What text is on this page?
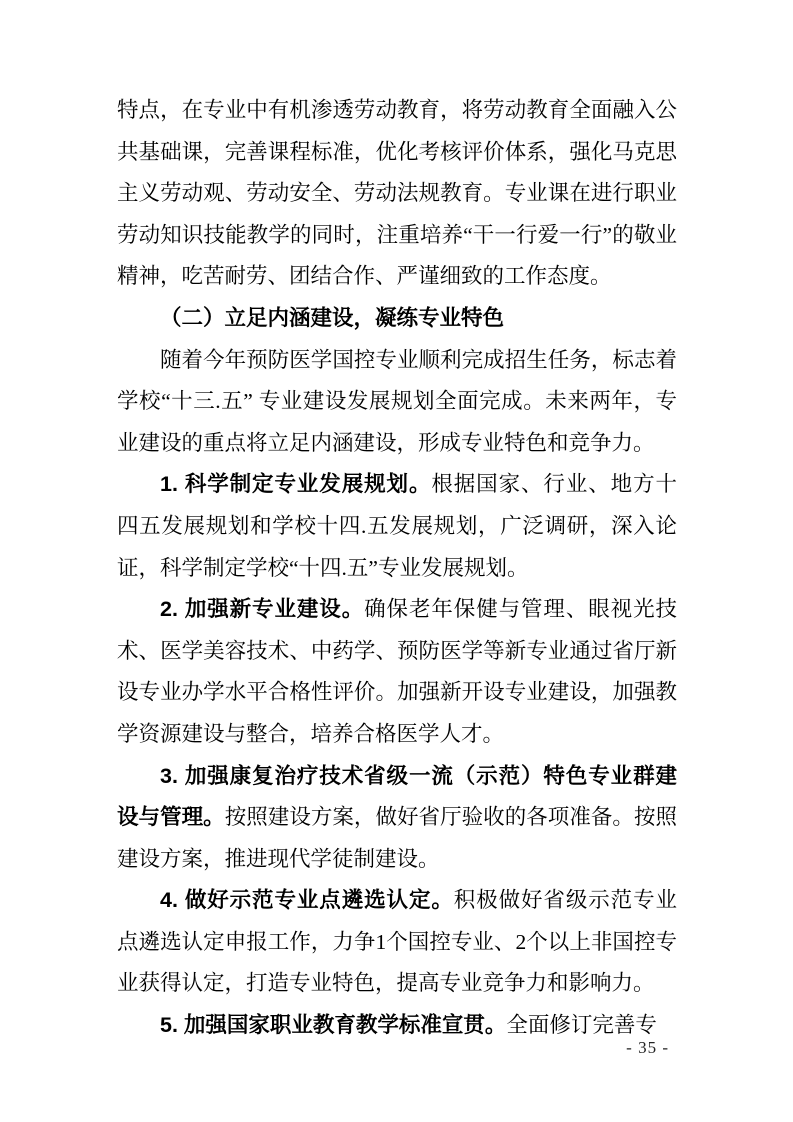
特点，在专业中有机渗透劳动教育，将劳动教育全面融入公共基础课，完善课程标准，优化考核评价体系，强化马克思主义劳动观、劳动安全、劳动法规教育。专业课在进行职业劳动知识技能教学的同时，注重培养“干一行爱一行”的敬业精神，吃苦耐劳、团结合作、严谨细致的工作态度。

（二）立足内涵建设，凝练专业特色

随着今年预防医学国控专业顺利完成招生任务，标志着学校“十三.五” 专业建设发展规划全面完成。未来两年，专业建设的重点将立足内涵建设，形成专业特色和竞争力。

1. 科学制定专业发展规划。根据国家、行业、地方十四五发展规划和学校十四.五发展规划，广泛调研，深入论证，科学制定学校“十四.五”专业发展规划。

2. 加强新专业建设。确保老年保健与管理、眼视光技术、医学美容技术、中药学、预防医学等新专业通过省厅新设专业办学水平合格性评价。加强新开设专业建设，加强教学资源建设与整合，培养合格医学人才。

3. 加强康复治疗技术省级一流（示范）特色专业群建设与管理。按照建设方案，做好省厅验收的各项准备。按照建设方案，推进现代学徒制建设。

4. 做好示范专业点遴选认定。积极做好省级示范专业点遴选认定申报工作，力争1个国控专业、2个以上非国控专业获得认定，打造专业特色，提高专业竞争力和影响力。

5. 加强国家职业教育教学标准宣贯。全面修订完善专

- 35 -
